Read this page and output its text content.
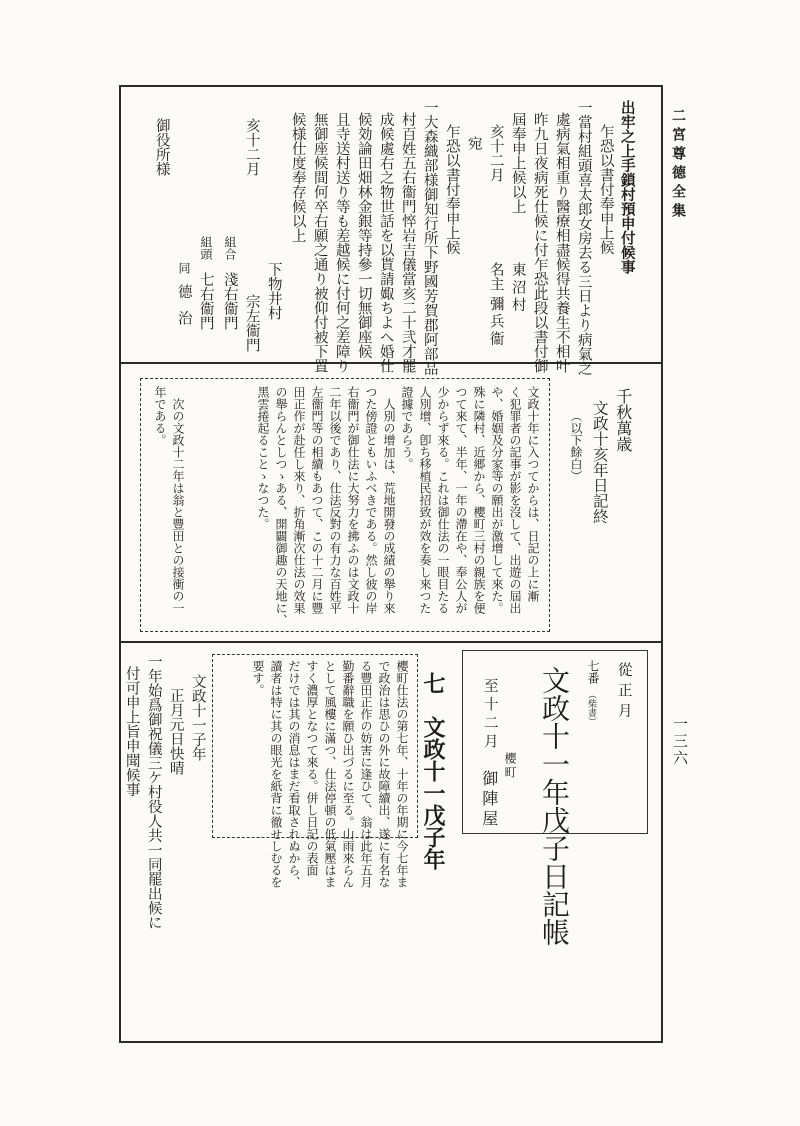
二宮尊德全集
一三六
出牢之上手鎖村預申付候事
乍恐以書付奉申上候
一當村組頭喜太郎女房去る三日より病氣之
處病氣相重り醫療相盡候得共養生不相叶
昨九日夜病死仕候に付乍恐此段以書付御
屆奉申上候以上
亥十二月
宛
乍恐以書付奉申上候
一大森織部様御知行所下野國芳賀郡阿部品
村百姓五右衞門悴岩吉儀當亥二十弐才罷
成候處右之物世話を以貰請娵ちよへ婚仕
候効論田畑林金銀等持參一切無御座候
且寺送村送り等も差越候に付何之差障り
無御座候間何卒右願之通り被仰付被下置
候様仕度奉存候以上
亥十二月
御役所様
東沼村
名主
彌兵衞
下物井村
宗左衞門
組合
淺右衞門
組頭
七右衞門
同
德治
千秋萬歳
文政十亥年日記終
（以下餘白）
文政十年に入つてからは、日記の上に漸
く犯罪者の記事が影を沒して、出遊の屆出
や、婚姻及分家等の願出が激增して來た。
殊に隣村、近郷から、櫻町三村の親族を便
つて來て、半年、一年の滯在や、奉公人が
少からず來る。これは御仕法の一眼目たる
人別增、卽ち移植民招致が效を奏し來つた
證據であらう。
人別の增加は、荒地開發の成績の舉り來
つた傍證ともいふべきである。然し彼の岸
右衞門が御仕法に大努力を拂ふのは文政十
二年以後であり、仕法反對の有力な百姓平
左衞門等の相續もあつて、この十二月に豐
田正作が赴任し來り、折角漸次仕法の效果
の舉らんとしつゝある、開闢御趣の天地に、
黑雲捲起ることゝなつた。
次の文政十二年は翁と豐田との接衝の一
年である。
從正月
七番
（柴書）
文政十一年戊子日記帳
至十二月
櫻町
御陣屋
七　文政十一戊子年
櫻町仕法の第七年、十年の年期に今七年ま
で政治は思ひの外に故障續出、遂に有名な
る豐田正作の妨害に逢ひて、翁は此年五月
勤番辭職を願ひ出づるに至る。山雨來らん
として風樓に滿つ、仕法停頓の低氣壓はま
すく濃厚となつて來る。併し日記の表面
だけでは其の消息はまだ看取されぬから、
讀者は特に其の眼光を紙背に徹せしむるを
要す。
文政十一子年
正月元日快晴
一年始爲御祝儀三ケ村役人共一同罷出候に
付可申上旨申聞候事
